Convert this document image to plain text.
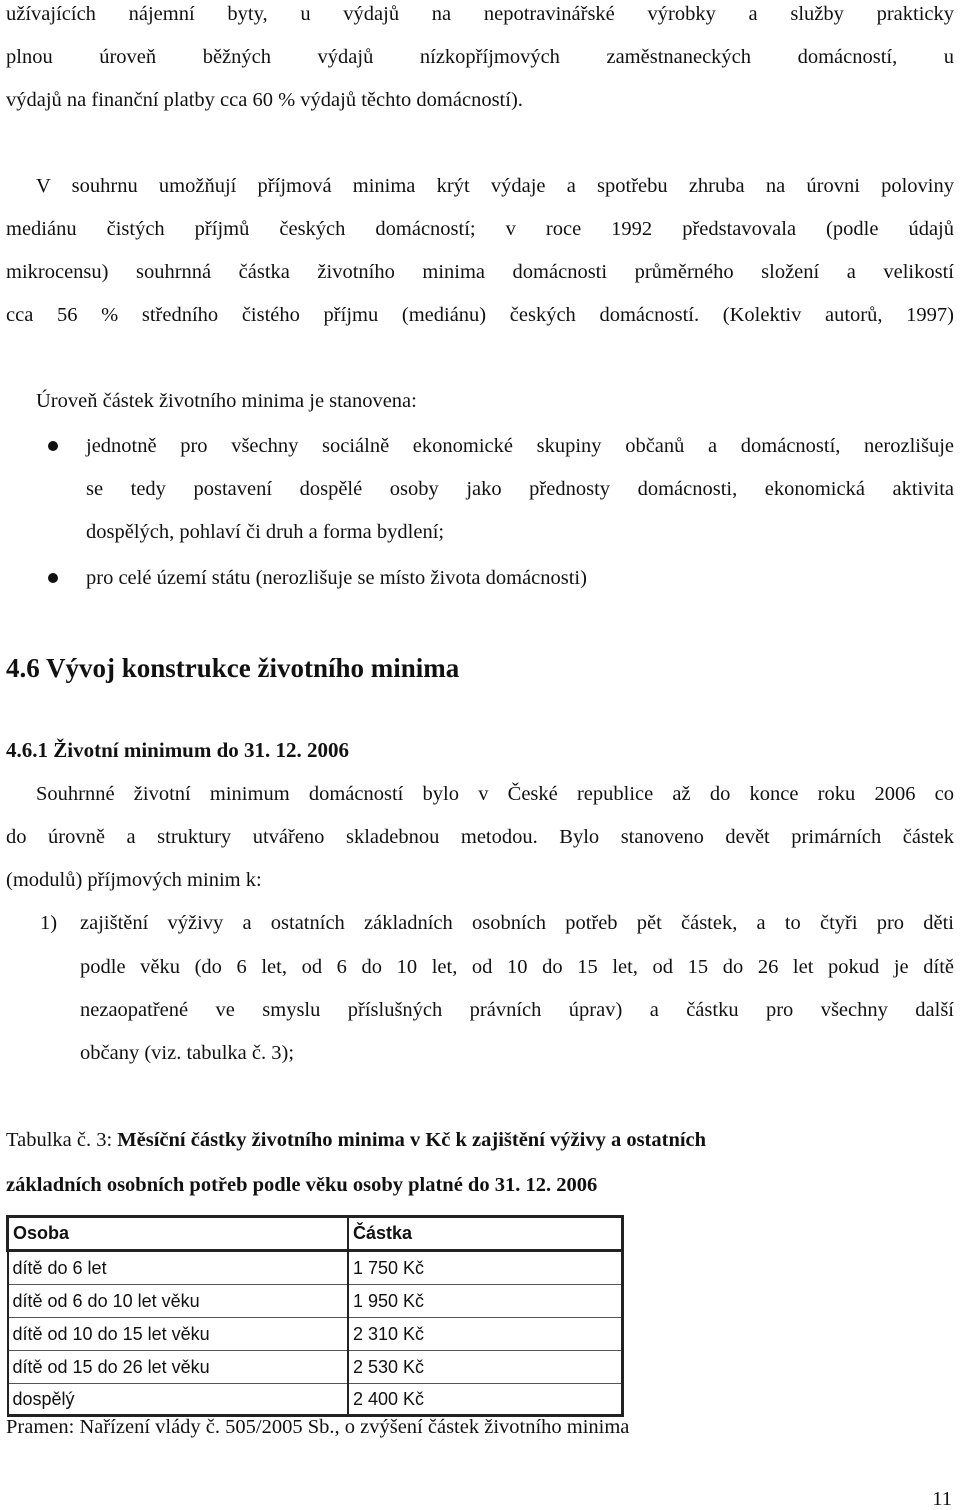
užívajících nájemní byty, u výdajů na nepotravinářské výrobky a služby prakticky
plnou úroveň běžných výdajů nízkopříjmových zaměstnaneckých domácností, u
výdajů na finanční platby cca 60 % výdajů těchto domácností).
V souhrnu umožňují příjmová minima krýt výdaje a spotřebu zhruba na úrovni poloviny
mediánu čistých příjmů českých domácností; v roce 1992 představovala (podle údajů
mikrocensu) souhrnná částka životního minima domácnosti průměrného složení a velikostí
cca 56 % středního čistého příjmu (mediánu) českých domácností. (Kolektiv autorů, 1997)
Úroveň částek životního minima je stanovena:
jednotně pro všechny sociálně ekonomické skupiny občanů a domácností, nerozlišuje
se tedy postavení dospělé osoby jako přednosty domácnosti, ekonomická aktivita
dospělých, pohlaví či druh a forma bydlení;
pro celé území státu (nerozlišuje se místo života domácnosti)
4.6 Vývoj konstrukce životního minima
4.6.1 Životní minimum do 31. 12. 2006
Souhrnné životní minimum domácností bylo v České republice až do konce roku 2006 co
do úrovně a struktury utvářeno skladebnou metodou. Bylo stanoveno devět primárních částek
(modulů) příjmových minim k:
1) zajištění výživy a ostatních základních osobních potřeb pět částek, a to čtyři pro děti
podle věku (do 6 let, od 6 do 10 let, od 10 do 15 let, od 15 do 26 let pokud je dítě
nezaopatřené ve smyslu příslušných právních úprav) a částku pro všechny další
občany (viz. tabulka č. 3);
Tabulka č. 3: Měsíční částky životního minima v Kč k zajištění výživy a ostatních
základních osobních potřeb podle věku osoby platné do 31. 12. 2006
Osoba	Částka
dítě do 6 let	1 750 Kč
dítě od 6 do 10 let věku	1 950 Kč
dítě od 10 do 15 let věku	2 310 Kč
dítě od 15 do 26 let věku	2 530 Kč
dospělý	2 400 Kč
Pramen: Nařízení vlády č. 505/2005 Sb., o zvýšení částek životního minima
11
